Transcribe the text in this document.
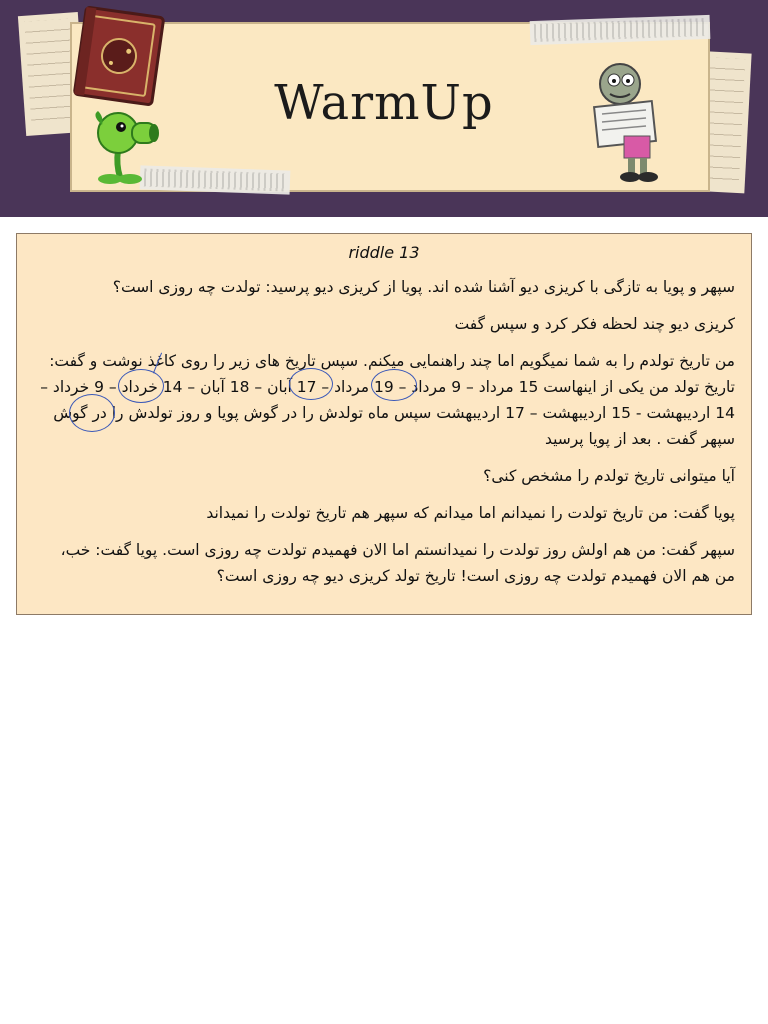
WarmUp
riddle 13

سپهر و پویا به تازگی با کریزی دیو آشنا شده اند. پویا از کریزی دیو پرسید: تولدت چه روزی است؟

کریزی دیو چند لحظه فکر کرد و سپس گفت

من تاریخ تولدم را به شما نمیگویم اما چند راهنمایی میکنم. سپس تاریخ های زیر را روی کاغذ نوشت و گفت: تاریخ تولد من یکی از اینهاست 15 مرداد – 9 مرداد – 19 مرداد – 17 آبان – 18 آبان – 14 خرداد – 9 خرداد – 14 اردیبهشت - 15 اردیبهشت – 17 اردیبهشت سپس ماه تولدش را در گوش پویا و روز تولدش را در گوش سپهر گفت . بعد از پویا پرسید

آیا میتوانی تاریخ تولدم را مشخص کنی؟

پویا گفت: من تاریخ تولدت را نمیدانم اما میدانم که سپهر هم تاریخ تولدت را نمیداند

سپهر گفت: من هم اولش روز تولدت را نمیدانستم اما الان فهمیدم تولدت چه روزی است. پویا گفت: خب، من هم الان فهمیدم تولدت چه روزی است! تاریخ تولد کریزی دیو چه روزی است؟
